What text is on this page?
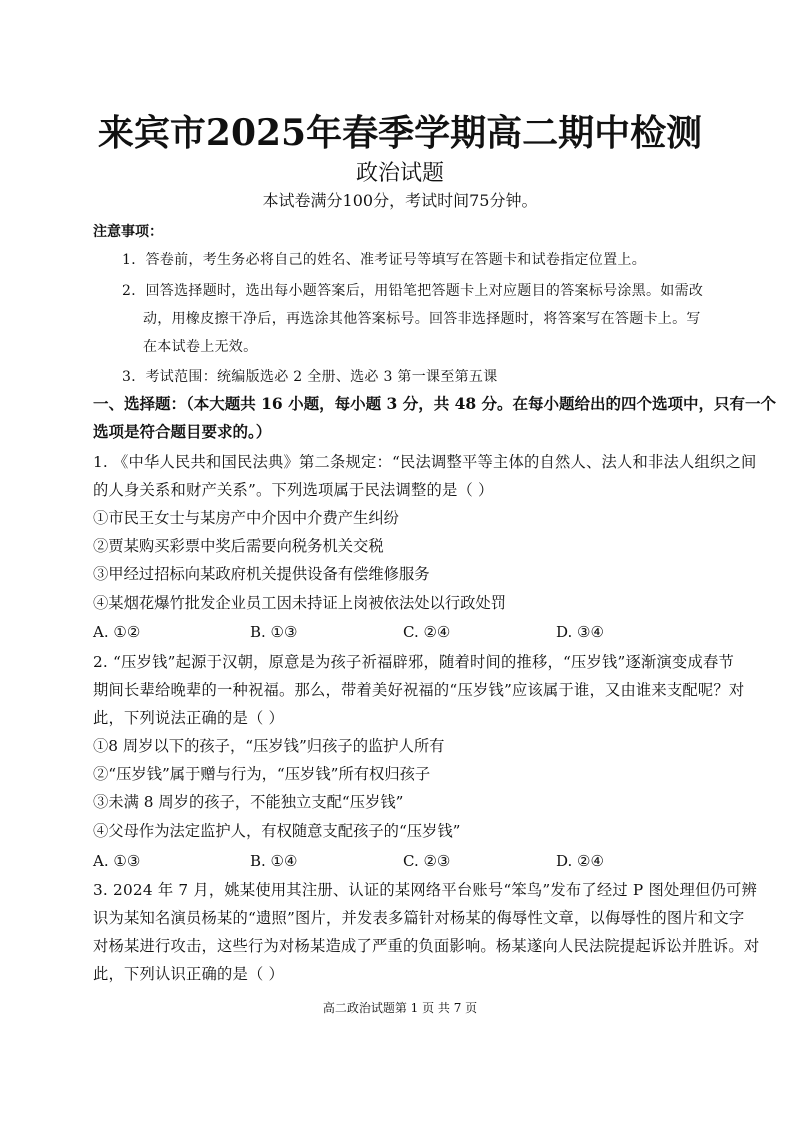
来宾市2025年春季学期高二期中检测
政治试题
本试卷满分100分，考试时间75分钟。
注意事项：
1．答卷前，考生务必将自己的姓名、准考证号等填写在答题卡和试卷指定位置上。
2．回答选择题时，选出每小题答案后，用铅笔把答题卡上对应题目的答案标号涂黑。如需改
动，用橡皮擦干净后，再选涂其他答案标号。回答非选择题时，将答案写在答题卡上。写
在本试卷上无效。
3．考试范围：统编版选必 2 全册、选必 3 第一课至第五课
一、选择题：（本大题共 16 小题，每小题 3 分，共 48 分。在每小题给出的四个选项中，只有一个
选项是符合题目要求的。）
1. 《中华人民共和国民法典》第二条规定：“民法调整平等主体的自然人、法人和非法人组织之间
的人身关系和财产关系”。下列选项属于民法调整的是（ ）
①市民王女士与某房产中介因中介费产生纠纷
②贾某购买彩票中奖后需要向税务机关交税
③甲经过招标向某政府机关提供设备有偿维修服务
④某烟花爆竹批发企业员工因未持证上岗被依法处以行政处罚
A. ①②	B. ①③	C. ②④	D. ③④
2. “压岁钱”起源于汉朝，原意是为孩子祈福辟邪，随着时间的推移，“压岁钱”逐渐演变成春节
期间长辈给晚辈的一种祝福。那么，带着美好祝福的“压岁钱”应该属于谁，又由谁来支配呢？对
此，下列说法正确的是（ ）
①8 周岁以下的孩子，“压岁钱”归孩子的监护人所有
②“压岁钱”属于赠与行为，“压岁钱”所有权归孩子
③未满 8 周岁的孩子，不能独立支配“压岁钱”
④父母作为法定监护人，有权随意支配孩子的“压岁钱”
A. ①③	B. ①④	C. ②③	D. ②④
3. 2024 年 7 月，姚某使用其注册、认证的某网络平台账号“笨鸟”发布了经过 P 图处理但仍可辨
识为某知名演员杨某的“遗照”图片，并发表多篇针对杨某的侮辱性文章，以侮辱性的图片和文字
对杨某进行攻击，这些行为对杨某造成了严重的负面影响。杨某遂向人民法院提起诉讼并胜诉。对
此，下列认识正确的是（ ）
高二政治试题第 1 页 共 7 页
